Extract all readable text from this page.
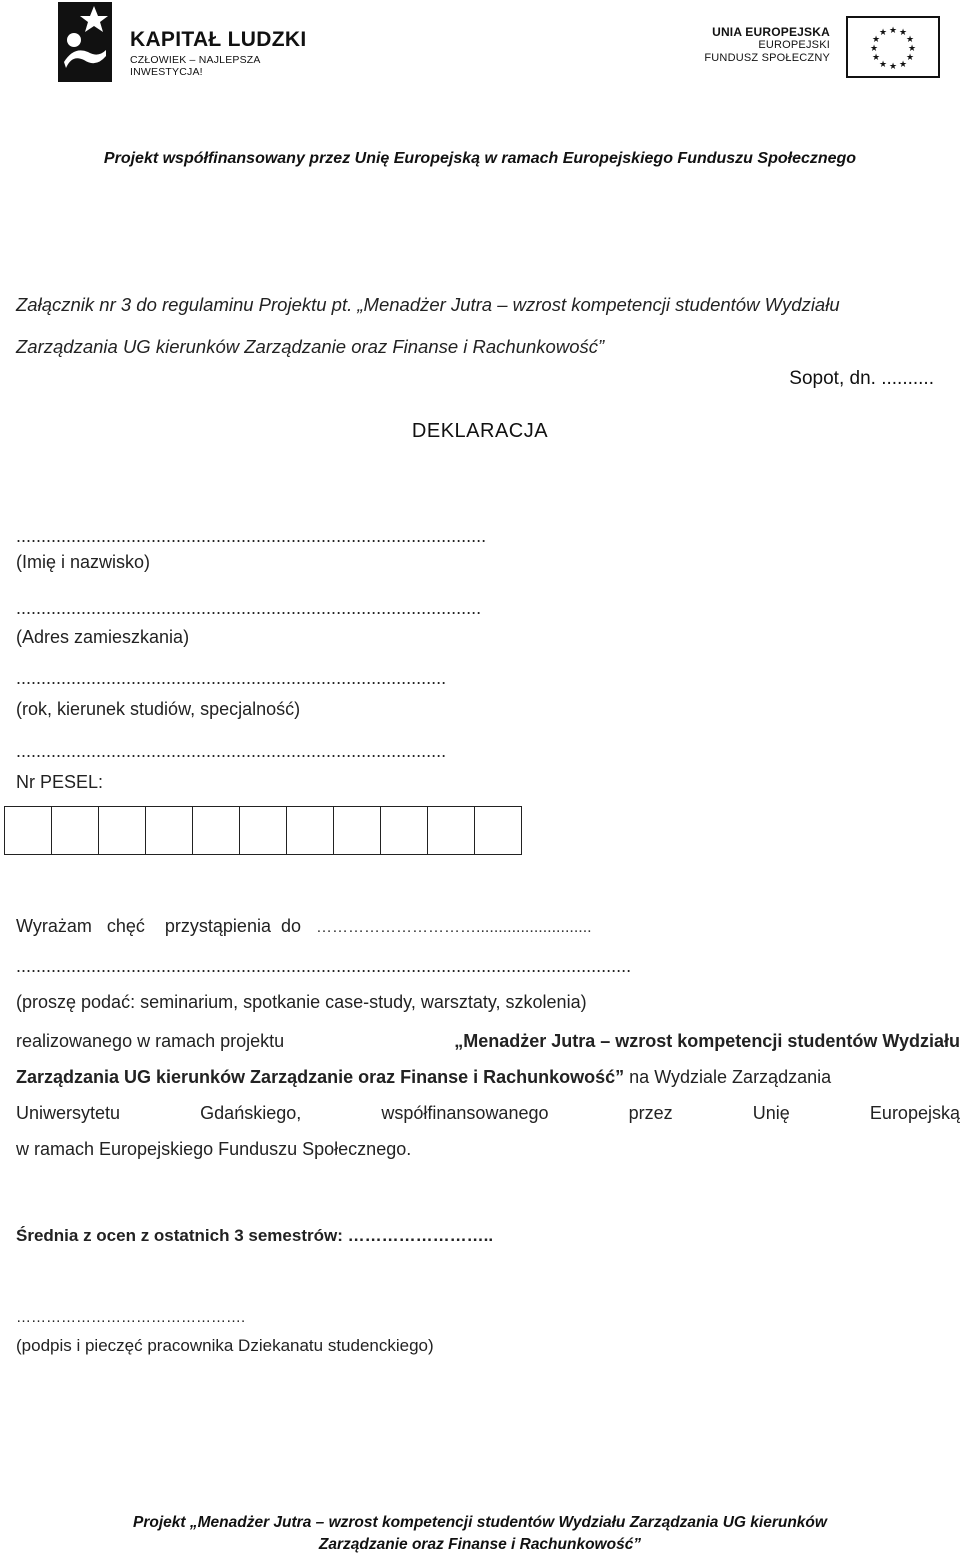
KAPITAŁ LUDZKI
CZŁOWIEK – NAJLEPSZA INWESTYCJA!
UNIA EUROPEJSKA
EUROPEJSKI
FUNDUSZ SPOŁECZNY
★ ★
★
★
★
★
★
★
★
★
★
★
Projekt współfinansowany przez Unię Europejską w ramach Europejskiego Funduszu Społecznego
Załącznik nr 3 do regulaminu Projektu pt. „Menadżer Jutra – wzrost kompetencji studentów Wydziału
Zarządzania UG kierunków Zarządzanie oraz Finanse i Rachunkowość”
Sopot, dn. ..........
DEKLARACJA
..............................................................................................
(Imię i nazwisko)
.............................................................................................
(Adres zamieszkania)
......................................................................................
(rok, kierunek studiów, specjalność)
......................................................................................
Nr PESEL:
Wyrażam chęć przystąpienia do …………………………..........................
...........................................................................................................................
(proszę podać: seminarium, spotkanie case-study, warsztaty, szkolenia)
realizowanego w ramach projektu	„Menadżer Jutra – wzrost kompetencji studentów Wydziału
Zarządzania UG kierunków Zarządzanie oraz Finanse i Rachunkowość” na Wydziale Zarządzania
Uniwersytetu	Gdańskiego,	współfinansowanego	przez	Unię	Europejską
w ramach Europejskiego Funduszu Społecznego.
Średnia z ocen z ostatnich 3 semestrów: ……………………..
……………………………………….
(podpis i pieczęć pracownika Dziekanatu studenckiego)
Projekt „Menadżer Jutra – wzrost kompetencji studentów Wydziału Zarządzania UG kierunków
Zarządzanie oraz Finanse i Rachunkowość”
